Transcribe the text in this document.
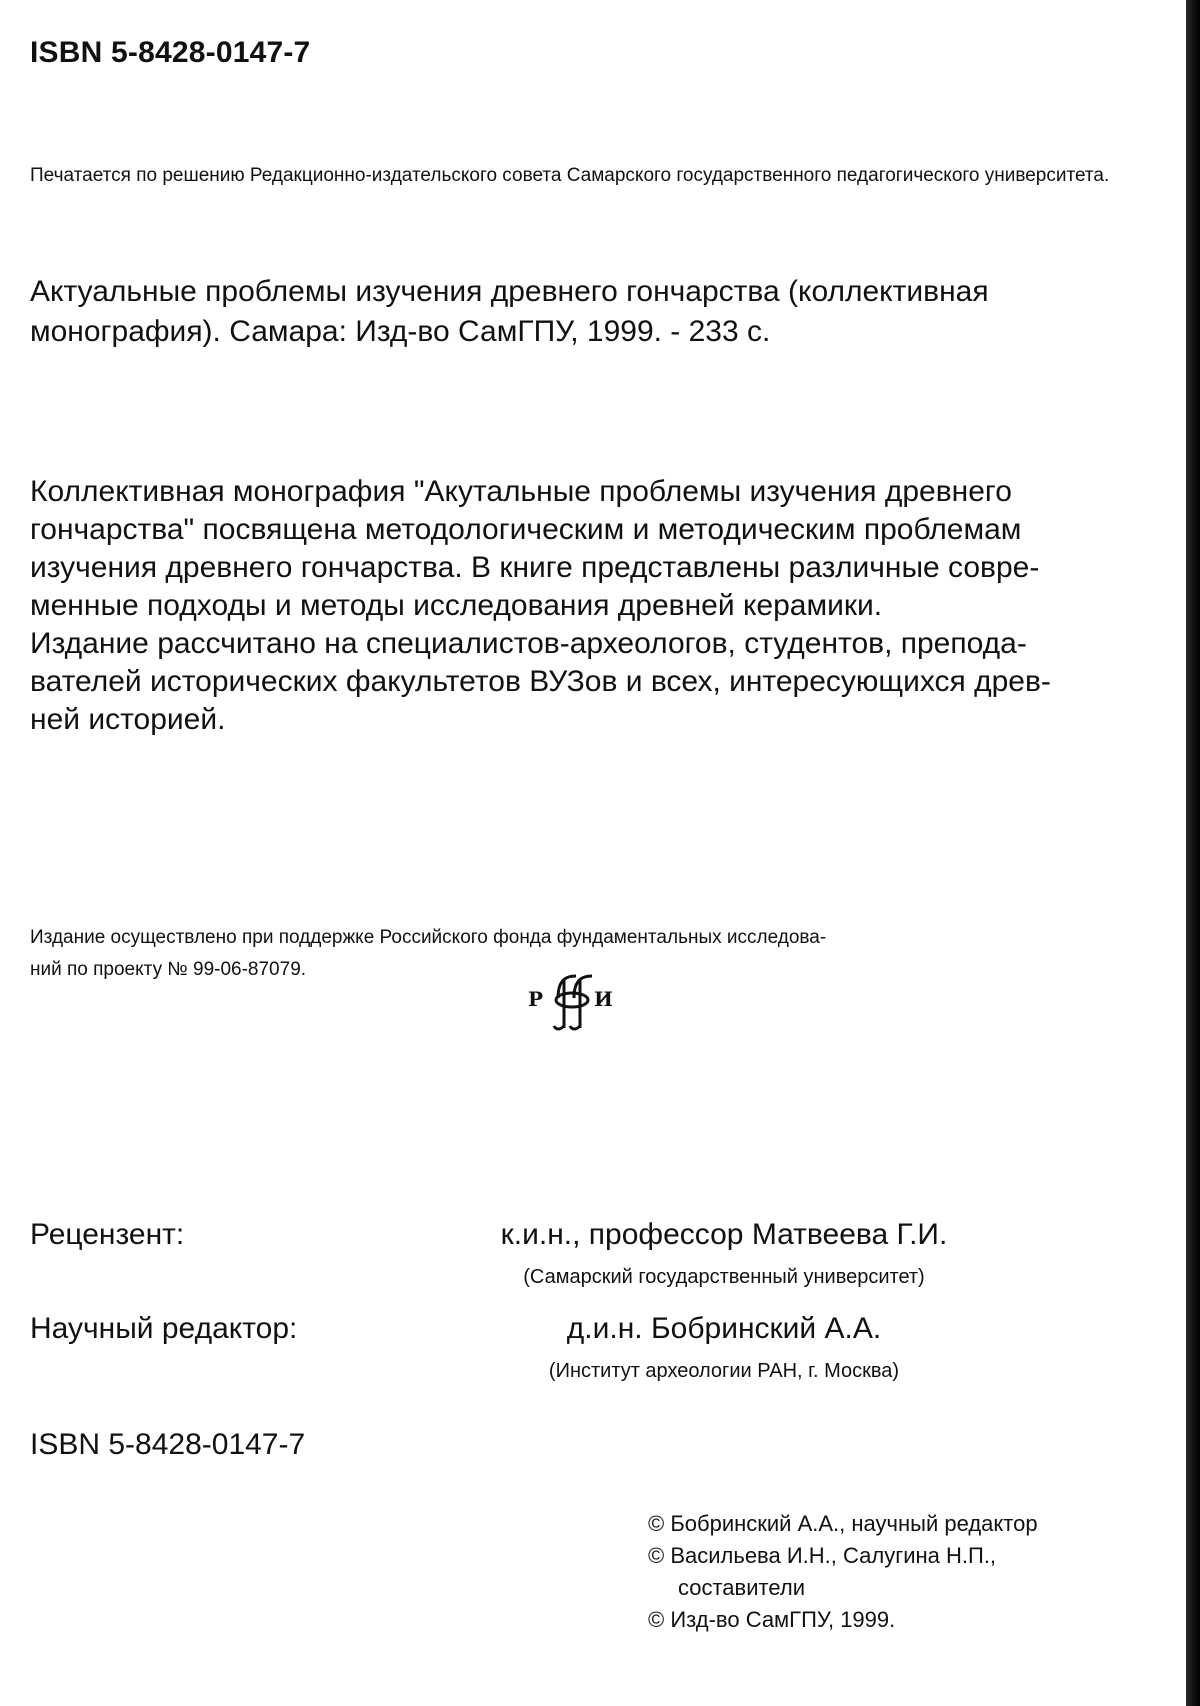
ISBN 5-8428-0147-7
Печатается по решению Редакционно-издательского совета Самарского государственного педагогического университета.
Актуальные проблемы изучения древнего гончарства (коллективная
монография). Самара: Изд-во СамГПУ, 1999. - 233 с.
Коллективная монография "Акутальные проблемы изучения древнего
гончарства" посвящена методологическим и методическим проблемам
изучения древнего гончарства. В книге представлены различные совре-
менные подходы и методы исследования древней керамики.
Издание рассчитано на специалистов-археологов, студентов, препода-
вателей исторических факультетов ВУЗов и всех, интересующихся древ-
ней историей.
Издание осуществлено при поддержке Российского фонда фундаментальных исследова-
ний по проекту № 99-06-87079.
Р	И
Рецензент:	к.и.н., профессор Матвеева Г.И.
(Самарский государственный университет)
Научный редактор:	д.и.н. Бобринский А.А.
(Институт археологии РАН, г. Москва)
ISBN 5-8428-0147-7
© Бобринский А.А., научный редактор
© Васильева И.Н., Салугина Н.П.,
составители
© Изд-во СамГПУ, 1999.
